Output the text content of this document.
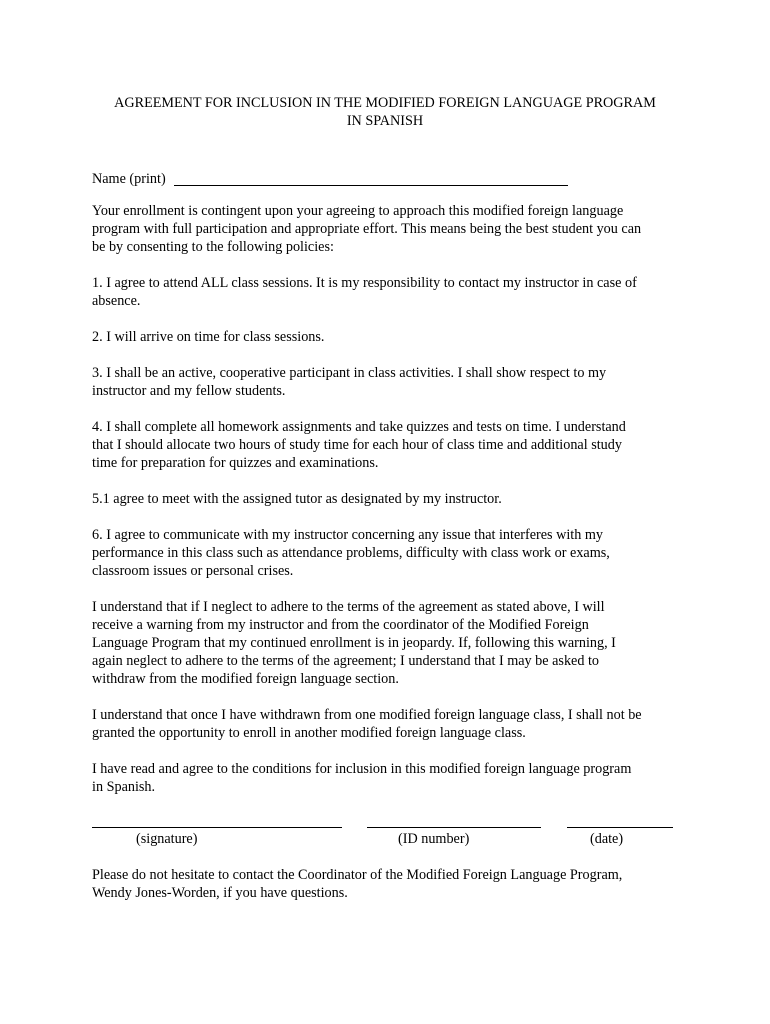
AGREEMENT FOR INCLUSION IN THE MODIFIED FOREIGN LANGUAGE PROGRAM
IN SPANISH
Name (print)

Your enrollment is contingent upon your agreeing to approach this modified foreign language
program with full participation and appropriate effort. This means being the best student you can
be by consenting to the following policies:

1. I agree to attend ALL class sessions. It is my responsibility to contact my instructor in case of
absence.

2. I will arrive on time for class sessions.

3. I shall be an active, cooperative participant in class activities. I shall show respect to my
instructor and my fellow students.

4. I shall complete all homework assignments and take quizzes and tests on time. I understand
that I should allocate two hours of study time for each hour of class time and additional study
time for preparation for quizzes and examinations.

5.1 agree to meet with the assigned tutor as designated by my instructor.

6. I agree to communicate with my instructor concerning any issue that interferes with my
performance in this class such as attendance problems, difficulty with class work or exams,
classroom issues or personal crises.

I understand that if I neglect to adhere to the terms of the agreement as stated above, I will
receive a warning from my instructor and from the coordinator of the Modified Foreign
Language Program that my continued enrollment is in jeopardy. If, following this warning, I
again neglect to adhere to the terms of the agreement; I understand that I may be asked to
withdraw from the modified foreign language section.

I understand that once I have withdrawn from one modified foreign language class, I shall not be
granted the opportunity to enroll in another modified foreign language class.

I have read and agree to the conditions for inclusion in this modified foreign language program
in Spanish.

(signature)	(ID number)	(date)

Please do not hesitate to contact the Coordinator of the Modified Foreign Language Program,
Wendy Jones-Worden, if you have questions.
